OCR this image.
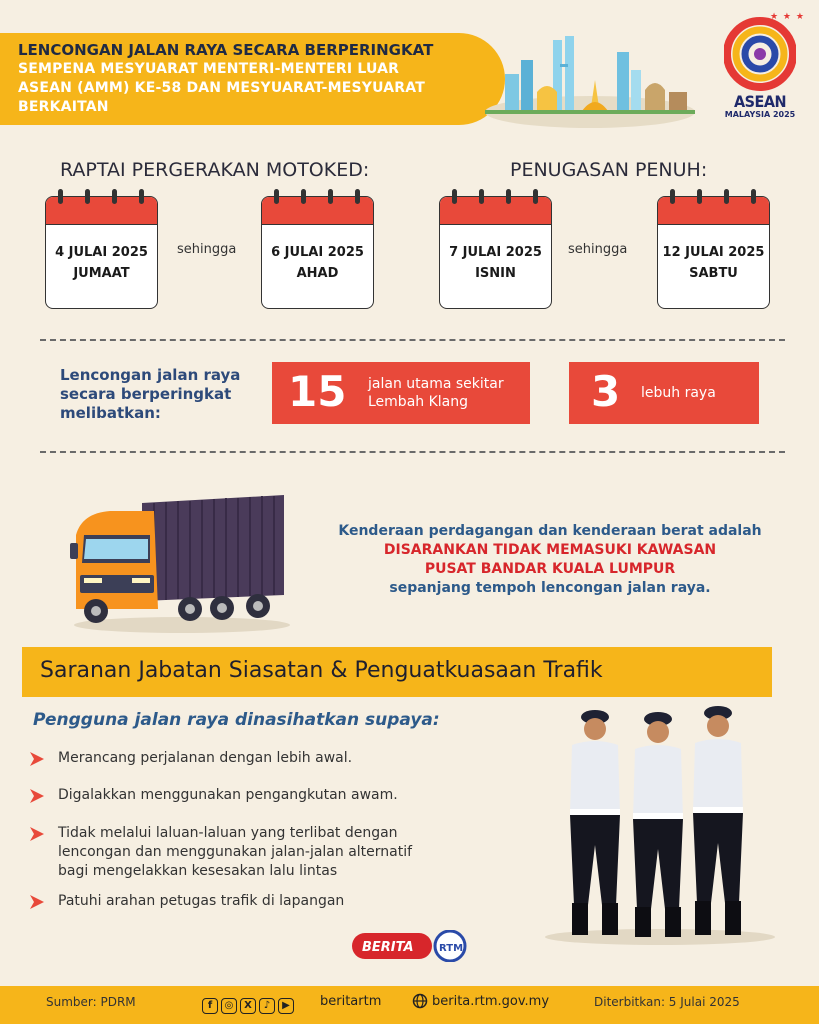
LENCONGAN JALAN RAYA SECARA BERPERINGKAT
SEMPENA MESYUARAT MENTERI-MENTERI LUAR
ASEAN (AMM) KE-58 DAN MESYUARAT-MESYUARAT
BERKAITAN
★ ★ ★
ASEAN
MALAYSIA 2025
RAPTAI PERGERAKAN MOTOKED:	PENUGASAN PENUH:
4 JULAI 2025
JUMAAT
sehingga	6 JULAI 2025
AHAD
7 JULAI 2025
ISNIN
sehingga	12 JULAI 2025
SABTU
Lencongan jalan raya secara berperingkat melibatkan:	15 jalan utama sekitar
Lembah Klang	3 lebuh raya
Kenderaan perdagangan dan kenderaan berat adalah
DISARANKAN TIDAK MEMASUKI KAWASAN
PUSAT BANDAR KUALA LUMPUR
sepanjang tempoh lencongan jalan raya.
Saranan Jabatan Siasatan & Penguatkuasaan Trafik
Pengguna jalan raya dinasihatkan supaya:
Merancang perjalanan dengan lebih awal.
Digalakkan menggunakan pengangkutan awam.
Tidak melalui laluan-laluan yang terlibat dengan
lencongan dan menggunakan jalan-jalan alternatif
bagi mengelakkan kesesakan lalu lintas
Patuhi arahan petugas trafik di lapangan
BERITA	RTM
Sumber: PDRM	f ◎ X ♪ ▶	beritartm	berita.rtm.gov.my	Diterbitkan: 5 Julai 2025
